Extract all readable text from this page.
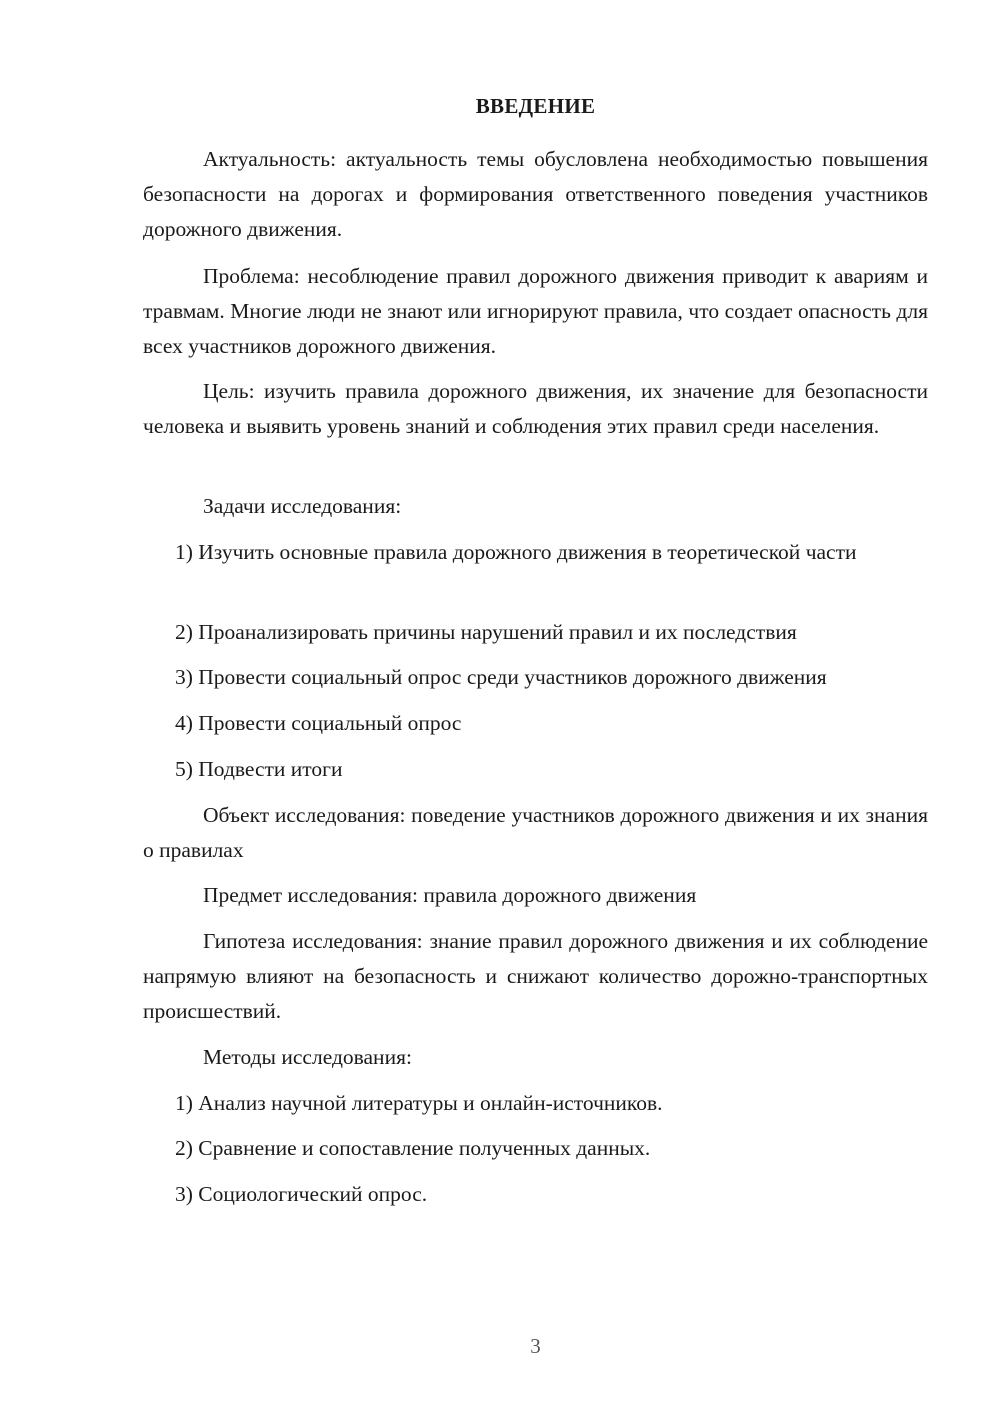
ВВЕДЕНИЕ

Актуальность: актуальность темы обусловлена необходимостью повышения безопасности на дорогах и формирования ответственного поведения участников дорожного движения.

Проблема: несоблюдение правил дорожного движения приводит к авариям и травмам. Многие люди не знают или игнорируют правила, что создает опасность для всех участников дорожного движения.

Цель: изучить правила дорожного движения, их значение для безопасности человека и выявить уровень знаний и соблюдения этих правил среди населения.

Задачи исследования:

1) Изучить основные правила дорожного движения в теоретической части

2) Проанализировать причины нарушений правил и их последствия

3) Провести социальный опрос среди участников дорожного движения

4) Провести социальный опрос

5) Подвести итоги

Объект исследования: поведение участников дорожного движения и их знания о правилах

Предмет исследования: правила дорожного движения

Гипотеза исследования: знание правил дорожного движения и их соблюдение напрямую влияют на безопасность и снижают количество дорожно-транспортных происшествий.

Методы исследования:

1) Анализ научной литературы и онлайн-источников.

2) Сравнение и сопоставление полученных данных.

3) Социологический опрос.

3
